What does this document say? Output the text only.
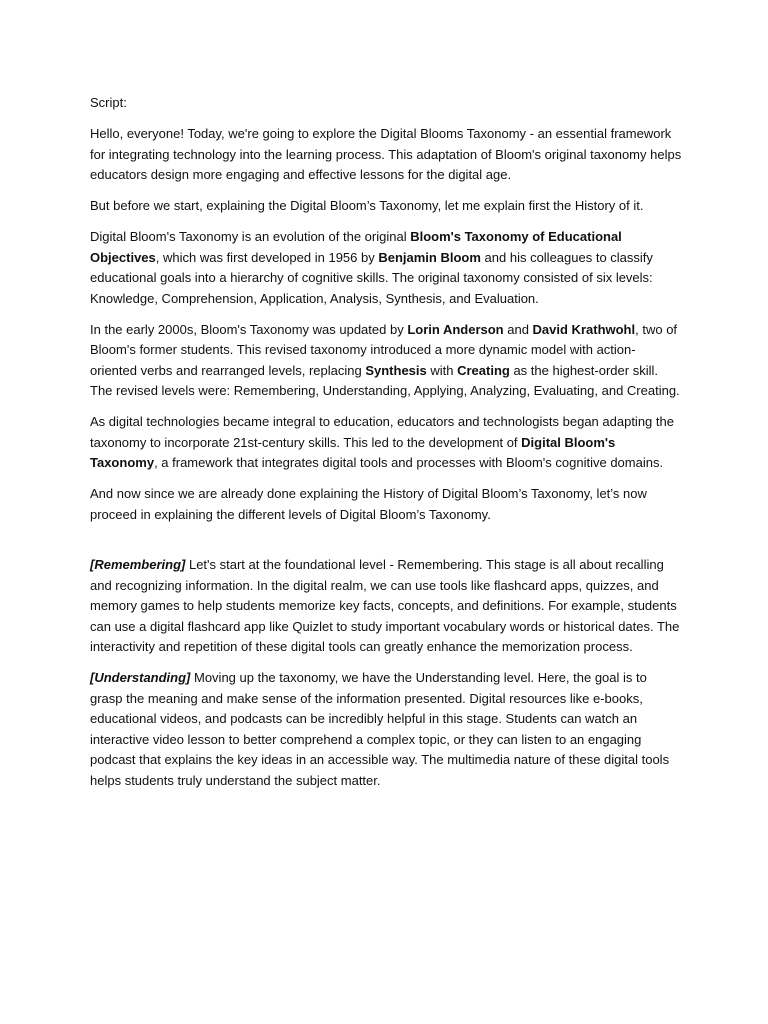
Script:

Hello, everyone! Today, we're going to explore the Digital Blooms Taxonomy - an essential framework for integrating technology into the learning process. This adaptation of Bloom's original taxonomy helps educators design more engaging and effective lessons for the digital age.

But before we start, explaining the Digital Bloom’s Taxonomy, let me explain first the History of it.

Digital Bloom's Taxonomy is an evolution of the original Bloom's Taxonomy of Educational Objectives, which was first developed in 1956 by Benjamin Bloom and his colleagues to classify educational goals into a hierarchy of cognitive skills. The original taxonomy consisted of six levels: Knowledge, Comprehension, Application, Analysis, Synthesis, and Evaluation.

In the early 2000s, Bloom's Taxonomy was updated by Lorin Anderson and David Krathwohl, two of Bloom's former students. This revised taxonomy introduced a more dynamic model with action-oriented verbs and rearranged levels, replacing Synthesis with Creating as the highest-order skill. The revised levels were: Remembering, Understanding, Applying, Analyzing, Evaluating, and Creating.

As digital technologies became integral to education, educators and technologists began adapting the taxonomy to incorporate 21st-century skills. This led to the development of Digital Bloom's Taxonomy, a framework that integrates digital tools and processes with Bloom's cognitive domains.

And now since we are already done explaining the History of Digital Bloom’s Taxonomy, let’s now proceed in explaining the different levels of Digital Bloom’s Taxonomy.

[Remembering] Let's start at the foundational level - Remembering. This stage is all about recalling and recognizing information. In the digital realm, we can use tools like flashcard apps, quizzes, and memory games to help students memorize key facts, concepts, and definitions. For example, students can use a digital flashcard app like Quizlet to study important vocabulary words or historical dates. The interactivity and repetition of these digital tools can greatly enhance the memorization process.

[Understanding] Moving up the taxonomy, we have the Understanding level. Here, the goal is to grasp the meaning and make sense of the information presented. Digital resources like e-books, educational videos, and podcasts can be incredibly helpful in this stage. Students can watch an interactive video lesson to better comprehend a complex topic, or they can listen to an engaging podcast that explains the key ideas in an accessible way. The multimedia nature of these digital tools helps students truly understand the subject matter.
